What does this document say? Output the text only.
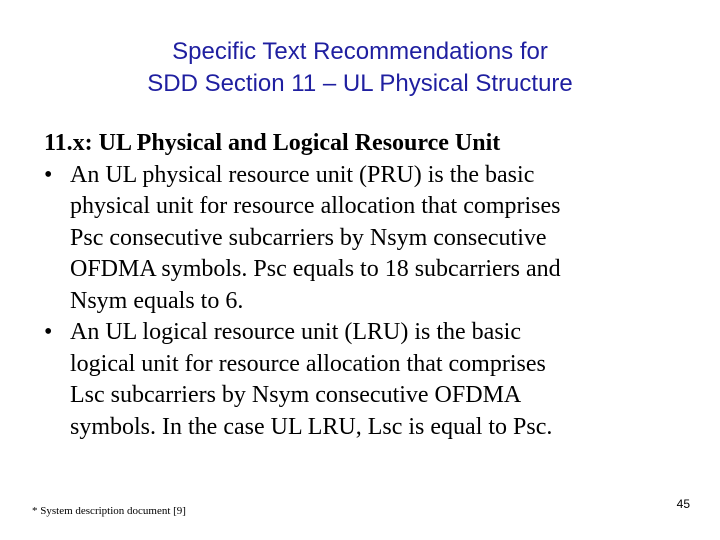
Specific Text Recommendations for
SDD Section 11 – UL Physical Structure
11.x: UL Physical and Logical Resource Unit
• An UL physical resource unit (PRU) is the basic
physical unit for resource allocation that comprises
Psc consecutive subcarriers by Nsym consecutive
OFDMA symbols. Psc equals to 18 subcarriers and
Nsym equals to 6.
• An UL logical resource unit (LRU) is the basic
logical unit for resource allocation that comprises
Lsc subcarriers by Nsym consecutive OFDMA
symbols. In the case UL LRU, Lsc is equal to Psc.
* System description document [9]	45
